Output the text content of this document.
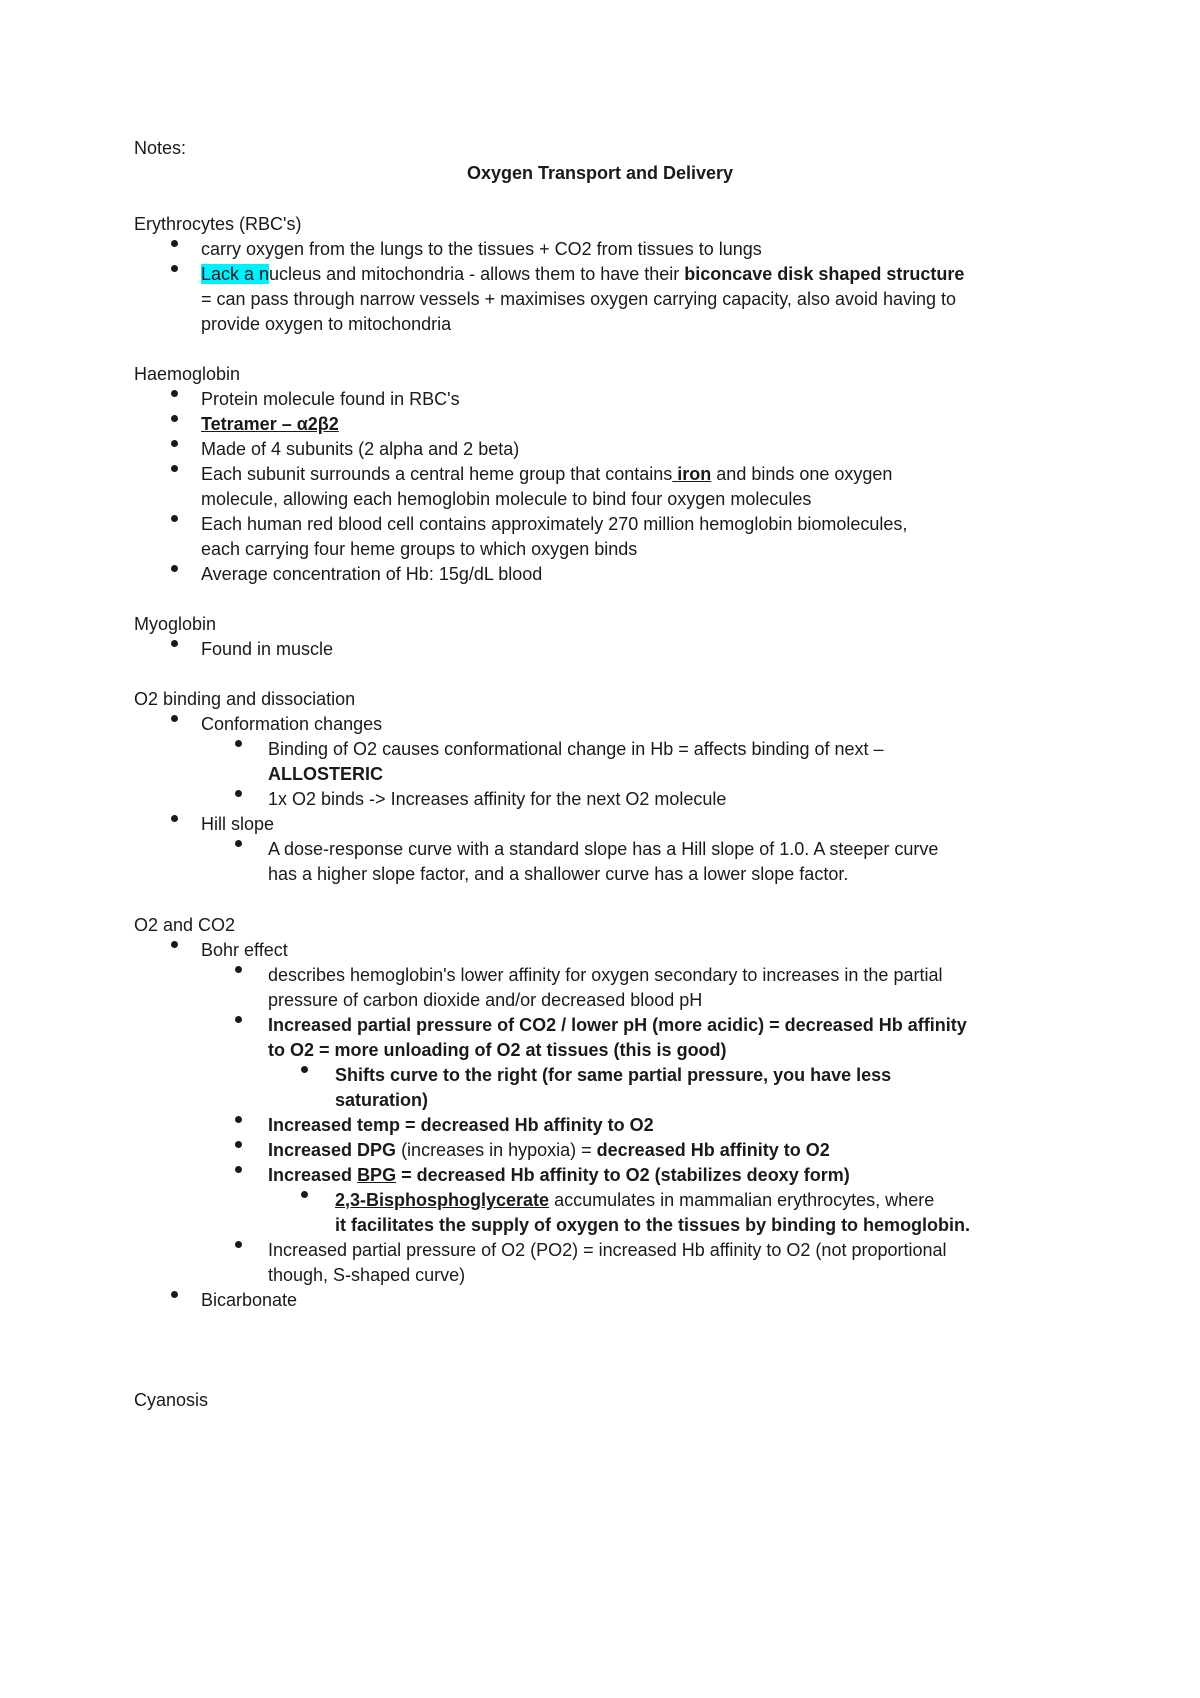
Notes:
Oxygen Transport and Delivery
Erythrocytes (RBC's)
carry oxygen from the lungs to the tissues + CO2 from tissues to lungs
Lack a nucleus and mitochondria - allows them to have their biconcave disk shaped structure
= can pass through narrow vessels + maximises oxygen carrying capacity, also avoid having to
provide oxygen to mitochondria
Haemoglobin
Protein molecule found in RBC's
Tetramer – α2β2
Made of 4 subunits (2 alpha and 2 beta)
Each subunit surrounds a central heme group that contains iron and binds one oxygen
molecule, allowing each hemoglobin molecule to bind four oxygen molecules
Each human red blood cell contains approximately 270 million hemoglobin biomolecules,
each carrying four heme groups to which oxygen binds
Average concentration of Hb: 15g/dL blood
Myoglobin
Found in muscle
O2 binding and dissociation
Conformation changes
Binding of O2 causes conformational change in Hb = affects binding of next –
ALLOSTERIC
1x O2 binds -> Increases affinity for the next O2 molecule
Hill slope
A dose-response curve with a standard slope has a Hill slope of 1.0. A steeper curve
has a higher slope factor, and a shallower curve has a lower slope factor.
O2 and CO2
Bohr effect
describes hemoglobin's lower affinity for oxygen secondary to increases in the partial
pressure of carbon dioxide and/or decreased blood pH
Increased partial pressure of CO2 / lower pH (more acidic) = decreased Hb affinity
to O2 = more unloading of O2 at tissues (this is good)
Shifts curve to the right (for same partial pressure, you have less
saturation)
Increased temp = decreased Hb affinity to O2
Increased DPG (increases in hypoxia) = decreased Hb affinity to O2
Increased BPG = decreased Hb affinity to O2 (stabilizes deoxy form)
2,3-Bisphosphoglycerate accumulates in mammalian erythrocytes, where
it facilitates the supply of oxygen to the tissues by binding to hemoglobin.
Increased partial pressure of O2 (PO2) = increased Hb affinity to O2 (not proportional
though, S-shaped curve)
Bicarbonate
Cyanosis
